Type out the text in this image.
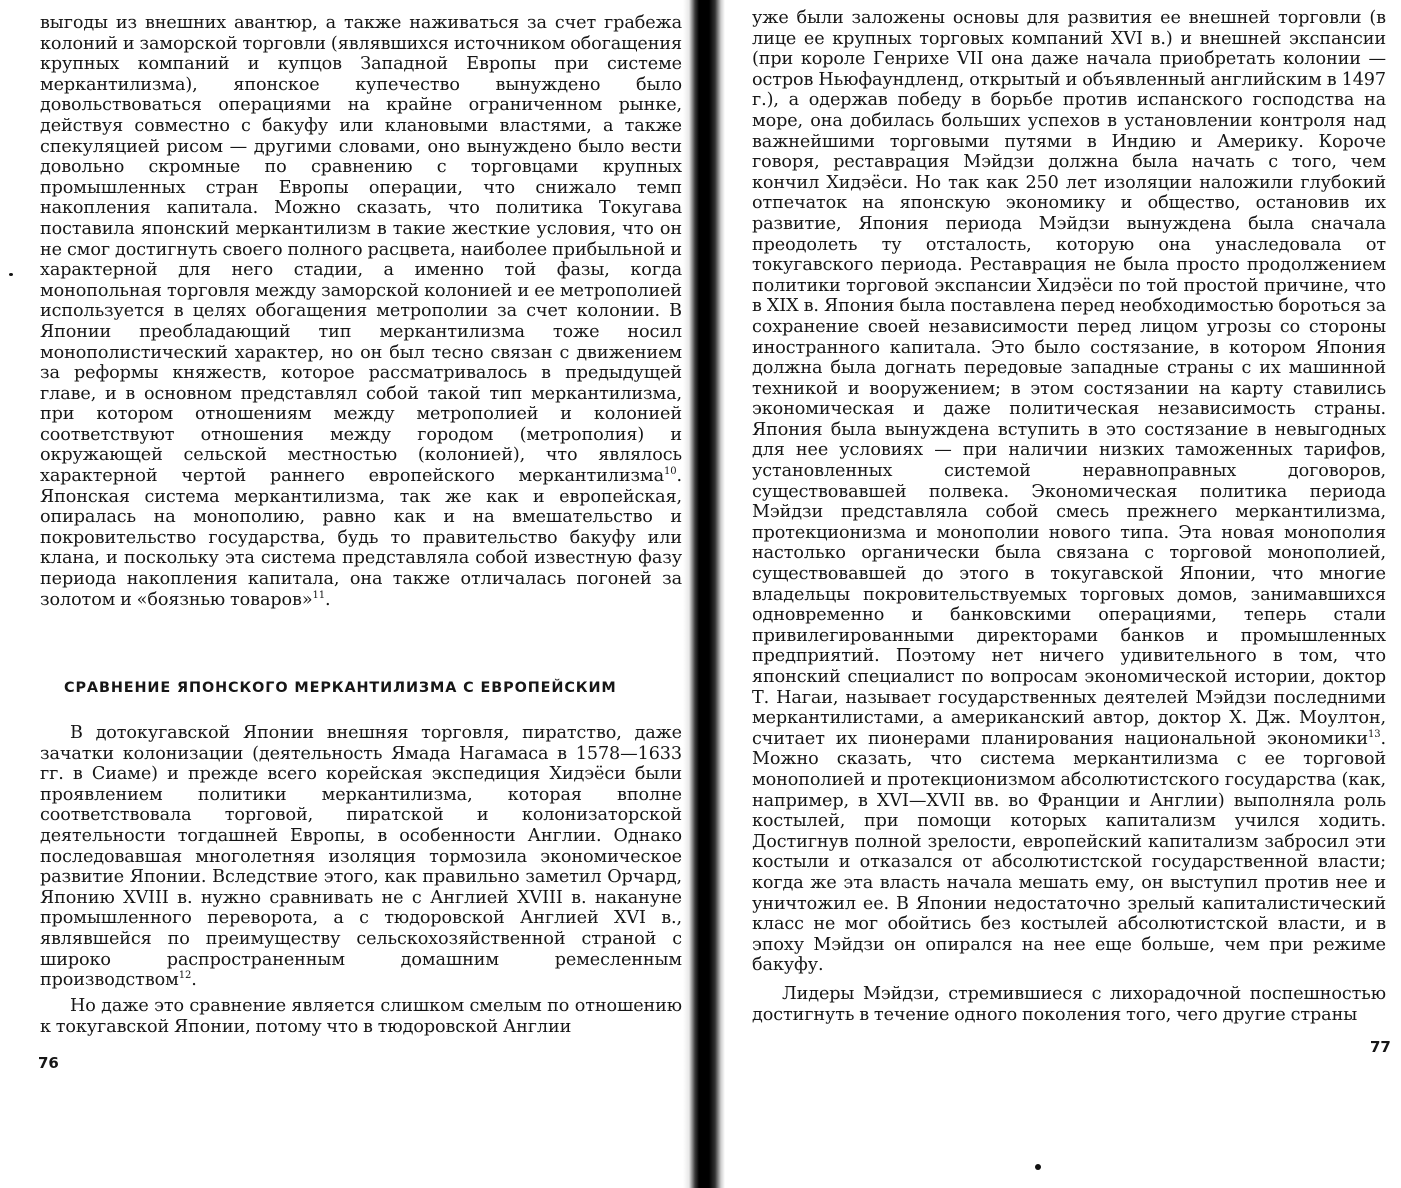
выгоды из внешних авантюр, а также наживаться за счет грабежа колоний и заморской торговли (являвшихся источником обогащения крупных компаний и купцов Западной Европы при системе меркантилизма), японское купечество вынуждено было довольствоваться операциями на крайне ограниченном рынке, действуя совместно с бакуфу или клановыми властями, а также спекуляцией рисом — другими словами, оно вынуждено было вести довольно скромные по сравнению с торговцами крупных промышленных стран Европы операции, что снижало темп накопления капитала. Можно сказать, что политика Токугава поставила японский меркантилизм в такие жесткие условия, что он не смог достигнуть своего полного расцвета, наиболее прибыльной и характерной для него стадии, а именно той фазы, когда монопольная торговля между заморской колонией и ее метрополией используется в целях обогащения метрополии за счет колонии. В Японии преобладающий тип меркантилизма тоже носил монополистический характер, но он был тесно связан с движением за реформы княжеств, которое рассматривалось в предыдущей главе, и в основном представлял собой такой тип меркантилизма, при котором отношениям между метрополией и колонией соответствуют отношения между городом (метрополия) и окружающей сельской местностью (колонией), что являлось характерной чертой раннего европейского меркантилизма$^{10}$. Японская система меркантилизма, так же как и европейская, опиралась на монополию, равно как и на вмешательство и покровительство государства, будь то правительство бакуфу или клана, и поскольку эта система представляла собой известную фазу периода накопления капитала, она также отличалась погоней за золотом и «боязнью товаров»$^{11}$.

СРАВНЕНИЕ ЯПОНСКОГО МЕРКАНТИЛИЗМА С ЕВРОПЕЙСКИМ

В дотокугавской Японии внешняя торговля, пиратство, даже зачатки колонизации (деятельность Ямада Нагамаса в 1578—1633 гг. в Сиаме) и прежде всего корейская экспедиция Хидэёси были проявлением политики меркантилизма, которая вполне соответствовала торговой, пиратской и колонизаторской деятельности тогдашней Европы, в особенности Англии. Однако последовавшая многолетняя изоляция тормозила экономическое развитие Японии. Вследствие этого, как правильно заметил Орчард, Японию XVIII в. нужно сравнивать не с Англией XVIII в. накануне промышленного переворота, а с тюдоровской Англией XVI в., являвшейся по преимуществу сельскохозяйственной страной с широко распространенным домашним ремесленным производством$^{12}$.

Но даже это сравнение является слишком смелым по отношению к токугавской Японии, потому что в тюдоровской Англии

76

уже были заложены основы для развития ее внешней торговли (в лице ее крупных торговых компаний XVI в.) и внешней экспансии (при короле Генрихе VII она даже начала приобретать колонии — остров Ньюфаундленд, открытый и объявленный английским в 1497 г.), а одержав победу в борьбе против испанского господства на море, она добилась больших успехов в установлении контроля над важнейшими торговыми путями в Индию и Америку. Короче говоря, реставрация Мэйдзи должна была начать с того, чем кончил Хидэёси. Но так как 250 лет изоляции наложили глубокий отпечаток на японскую экономику и общество, остановив их развитие, Япония периода Мэйдзи вынуждена была сначала преодолеть ту отсталость, которую она унаследовала от токугавского периода. Реставрация не была просто продолжением политики торговой экспансии Хидэёси по той простой причине, что в XIX в. Япония была поставлена перед необходимостью бороться за сохранение своей независимости перед лицом угрозы со стороны иностранного капитала. Это было состязание, в котором Япония должна была догнать передовые западные страны с их машинной техникой и вооружением; в этом состязании на карту ставились экономическая и даже политическая независимость страны. Япония была вынуждена вступить в это состязание в невыгодных для нее условиях — при наличии низких таможенных тарифов, установленных системой неравноправных договоров, существовавшей полвека. Экономическая политика периода Мэйдзи представляла собой смесь прежнего меркантилизма, протекционизма и монополии нового типа. Эта новая монополия настолько органически была связана с торговой монополией, существовавшей до этого в токугавской Японии, что многие владельцы покровительствуемых торговых домов, занимавшихся одновременно и банковскими операциями, теперь стали привилегированными директорами банков и промышленных предприятий. Поэтому нет ничего удивительного в том, что японский специалист по вопросам экономической истории, доктор Т. Нагаи, называет государственных деятелей Мэйдзи последними меркантилистами, а американский автор, доктор Х. Дж. Моултон, считает их пионерами планирования национальной экономики$^{13}$. Можно сказать, что система меркантилизма с ее торговой монополией и протекционизмом абсолютистского государства (как, например, в XVI—XVII вв. во Франции и Англии) выполняла роль костылей, при помощи которых капитализм учился ходить. Достигнув полной зрелости, европейский капитализм забросил эти костыли и отказался от абсолютистской государственной власти; когда же эта власть начала мешать ему, он выступил против нее и уничтожил ее. В Японии недостаточно зрелый капиталистический класс не мог обойтись без костылей абсолютистской власти, и в эпоху Мэйдзи он опирался на нее еще больше, чем при режиме бакуфу.

Лидеры Мэйдзи, стремившиеся с лихорадочной поспешностью достигнуть в течение одного поколения того, чего другие страны

77
